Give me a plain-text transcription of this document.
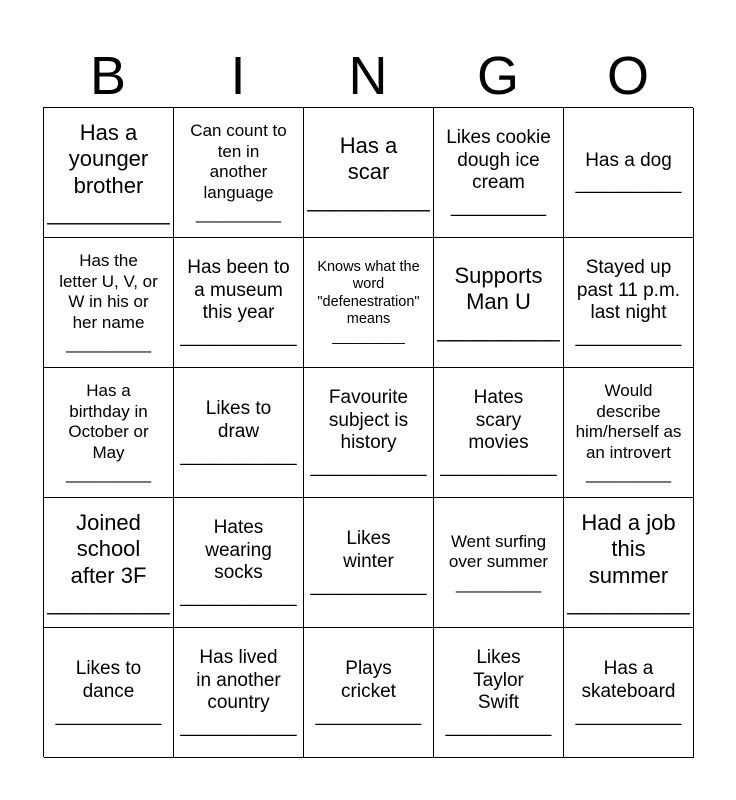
B	I	N	G	O
Has a
younger
brother
__________
Can count to
ten in
another
language
_________
Has a
scar
__________
Likes cookie
dough ice
cream
_________
Has a dog
__________
Has the
letter U, V, or
W in his or
her name
_________
Has been to
a museum
this year
___________
Knows what the
word
"defenestration"
means
_________
Supports
Man U
__________
Stayed up
past 11 p.m.
last night
__________
Has a
birthday in
October or
May
_________
Likes to
draw
___________
Favourite
subject is
history
___________
Hates
scary
movies
___________
Would
describe
him/herself as
an introvert
_________
Joined
school
after 3F
__________
Hates
wearing
socks
___________
Likes
winter
___________
Went surfing
over summer
_________
Had a job
this
summer
__________
Likes to
dance
__________
Has lived
in another
country
___________
Plays
cricket
__________
Likes
Taylor
Swift
__________
Has a
skateboard
__________
